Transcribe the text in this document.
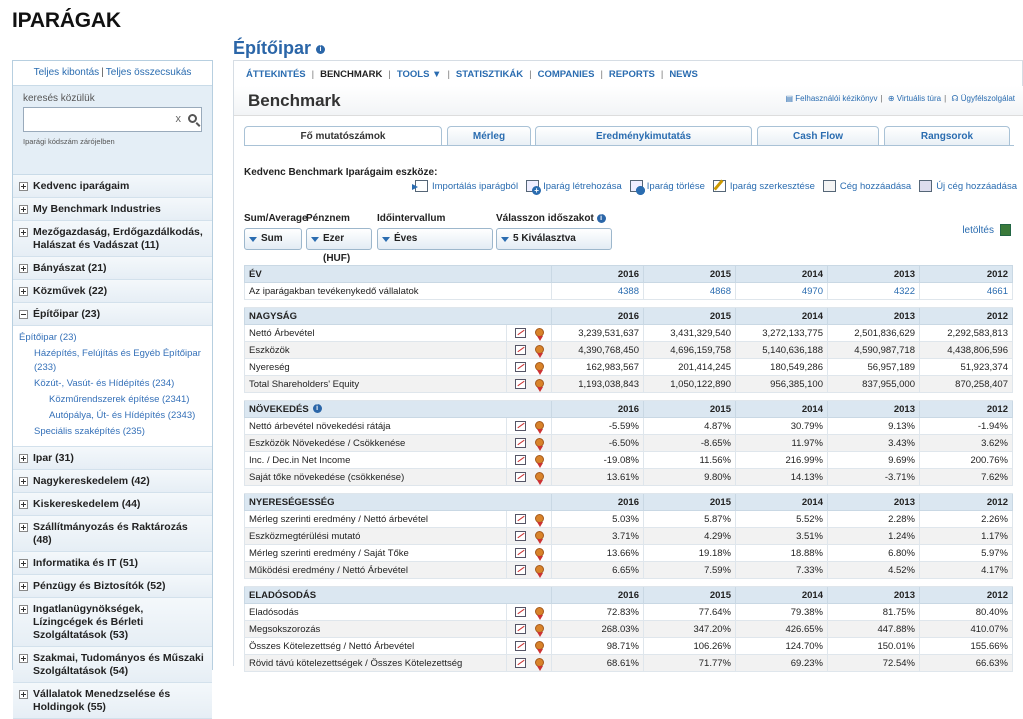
IPARÁGAK
Teljes kibontás | Teljes összecsukás
keresés közülük
x
Iparági kódszám zárójelben
Kedvenc iparágaim
My Benchmark Industries
Mezőgazdaság, Erdőgazdálkodás, Halászat és Vadászat (11)
Bányászat (21)
Közművek (22)
Építőipar (23)
Építőipar (23)
Házépítés, Felújítás és Egyéb Építőipar (233)
Közút-, Vasút- és Hídépítés (234)
Közműrendszerek építése (2341)
Autópálya, Út- és Hídépítés (2343)
Speciális szaképítés (235)
Ipar (31)
Nagykereskedelem (42)
Kiskereskedelem (44)
Szállítmányozás és Raktározás (48)
Informatika és IT (51)
Pénzügy és Biztosítók (52)
Ingatlanügynökségek, Lízingcégek és Bérleti Szolgáltatások (53)
Szakmai, Tudományos és Műszaki Szolgáltatások (54)
Vállalatok Menedzselése és Holdingok (55)
Építőipar i
ÁTTEKINTÉS | BENCHMARK | TOOLS ▼ | STATISZTIKÁK | COMPANIES | REPORTS | NEWS
Benchmark	▤ Felhasználói kézikönyv | ⊕ Virtuális túra | ☊ Ügyfélszolgálat
Fő mutatószámok	Mérleg	Eredménykimutatás	Cash Flow	Rangsorok
Kedvenc Benchmark Iparágaim eszköze:
Importálás iparágból +	Iparág létrehozása	Iparág törlése	Iparág szerkesztése	Cég hozzáadása	Új cég hozzáadása
Sum/Average
Sum
Pénznem
Ezer (HUF)
Időintervallum
Éves
Válasszon időszakot i
5 Kiválasztva
letöltés
ÉV		2016	2015	2014	2013	2012
Az iparágakban tevékenykedő vállalatok		4388	4868	4970	4322	4661

NAGYSÁG		2016	2015	2014	2013	2012
Nettó Árbevétel		3,239,531,637	3,431,329,540	3,272,133,775	2,501,836,629	2,292,583,813
Eszközök		4,390,768,450	4,696,159,758	5,140,636,188	4,590,987,718	4,438,806,596
Nyereség		162,983,567	201,414,245	180,549,286	56,957,189	51,923,374
Total Shareholders' Equity		1,193,038,843	1,050,122,890	956,385,100	837,955,000	870,258,407

NÖVEKEDÉS i		2016	2015	2014	2013	2012
Nettó árbevétel növekedési rátája		-5.59%	4.87%	30.79%	9.13%	-1.94%
Eszközök Növekedése / Csökkenése		-6.50%	-8.65%	11.97%	3.43%	3.62%
Inc. / Dec.in Net Income		-19.08%	11.56%	216.99%	9.69%	200.76%
Saját tőke növekedése (csökkenése)		13.61%	9.80%	14.13%	-3.71%	7.62%

NYERESÉGESSÉG		2016	2015	2014	2013	2012
Mérleg szerinti eredmény / Nettó árbevétel		5.03%	5.87%	5.52%	2.28%	2.26%
Eszközmegtérülési mutató		3.71%	4.29%	3.51%	1.24%	1.17%
Mérleg szerinti eredmény / Saját Tőke		13.66%	19.18%	18.88%	6.80%	5.97%
Működési eredmény / Nettó Árbevétel		6.65%	7.59%	7.33%	4.52%	4.17%

ELADÓSODÁS		2016	2015	2014	2013	2012
Eladósodás		72.83%	77.64%	79.38%	81.75%	80.40%
Megsokszorozás		268.03%	347.20%	426.65%	447.88%	410.07%
Összes Kötelezettség / Nettó Árbevétel		98.71%	106.26%	124.70%	150.01%	155.66%
Rövid távú kötelezettségek / Összes Kötelezettség		68.61%	71.77%	69.23%	72.54%	66.63%
